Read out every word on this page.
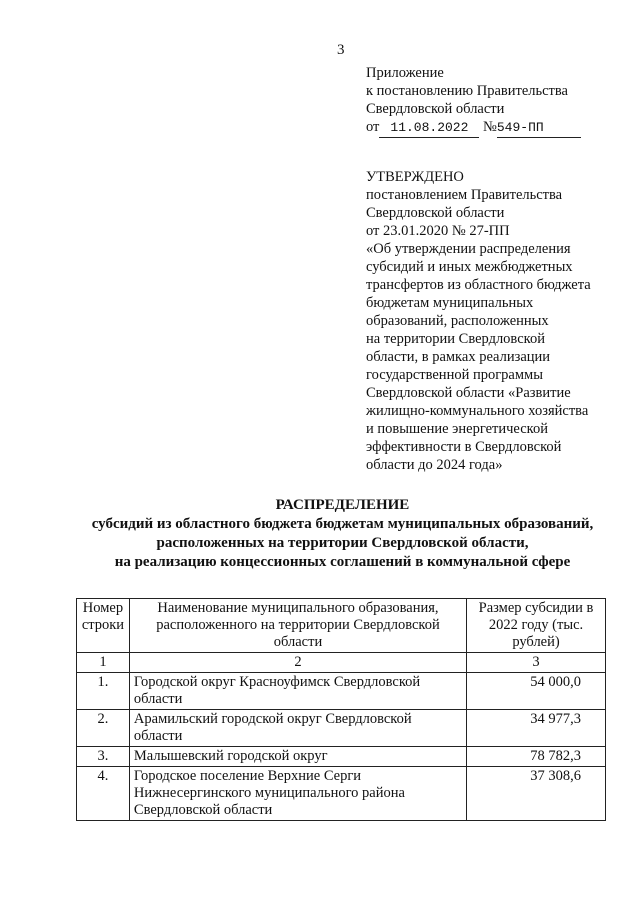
3
Приложение
к постановлению Правительства
Свердловской области
от 11.08.2022 №549-ПП
УТВЕРЖДЕНО
постановлением Правительства
Свердловской области
от 23.01.2020 № 27-ПП
«Об утверждении распределения
субсидий и иных межбюджетных
трансфертов из областного бюджета
бюджетам муниципальных
образований, расположенных
на территории Свердловской
области, в рамках реализации
государственной программы
Свердловской области «Развитие
жилищно-коммунального хозяйства
и повышение энергетической
эффективности в Свердловской
области до 2024 года»
РАСПРЕДЕЛЕНИЕ
субсидий из областного бюджета бюджетам муниципальных образований,
расположенных на территории Свердловской области,
на реализацию концессионных соглашений в коммунальной сфере
Номер строки	Наименование муниципального образования, расположенного на территории Свердловской области	Размер субсидии в 2022 году (тыс. рублей)
1	2	3
1.	Городской округ Красноуфимск Свердловской области	54 000,0
2.	Арамильский городской округ Свердловской области	34 977,3
3.	Малышевский городской округ	78 782,3
4.	Городское поселение Верхние Серги Нижнесергинского муниципального района Свердловской области	37 308,6
